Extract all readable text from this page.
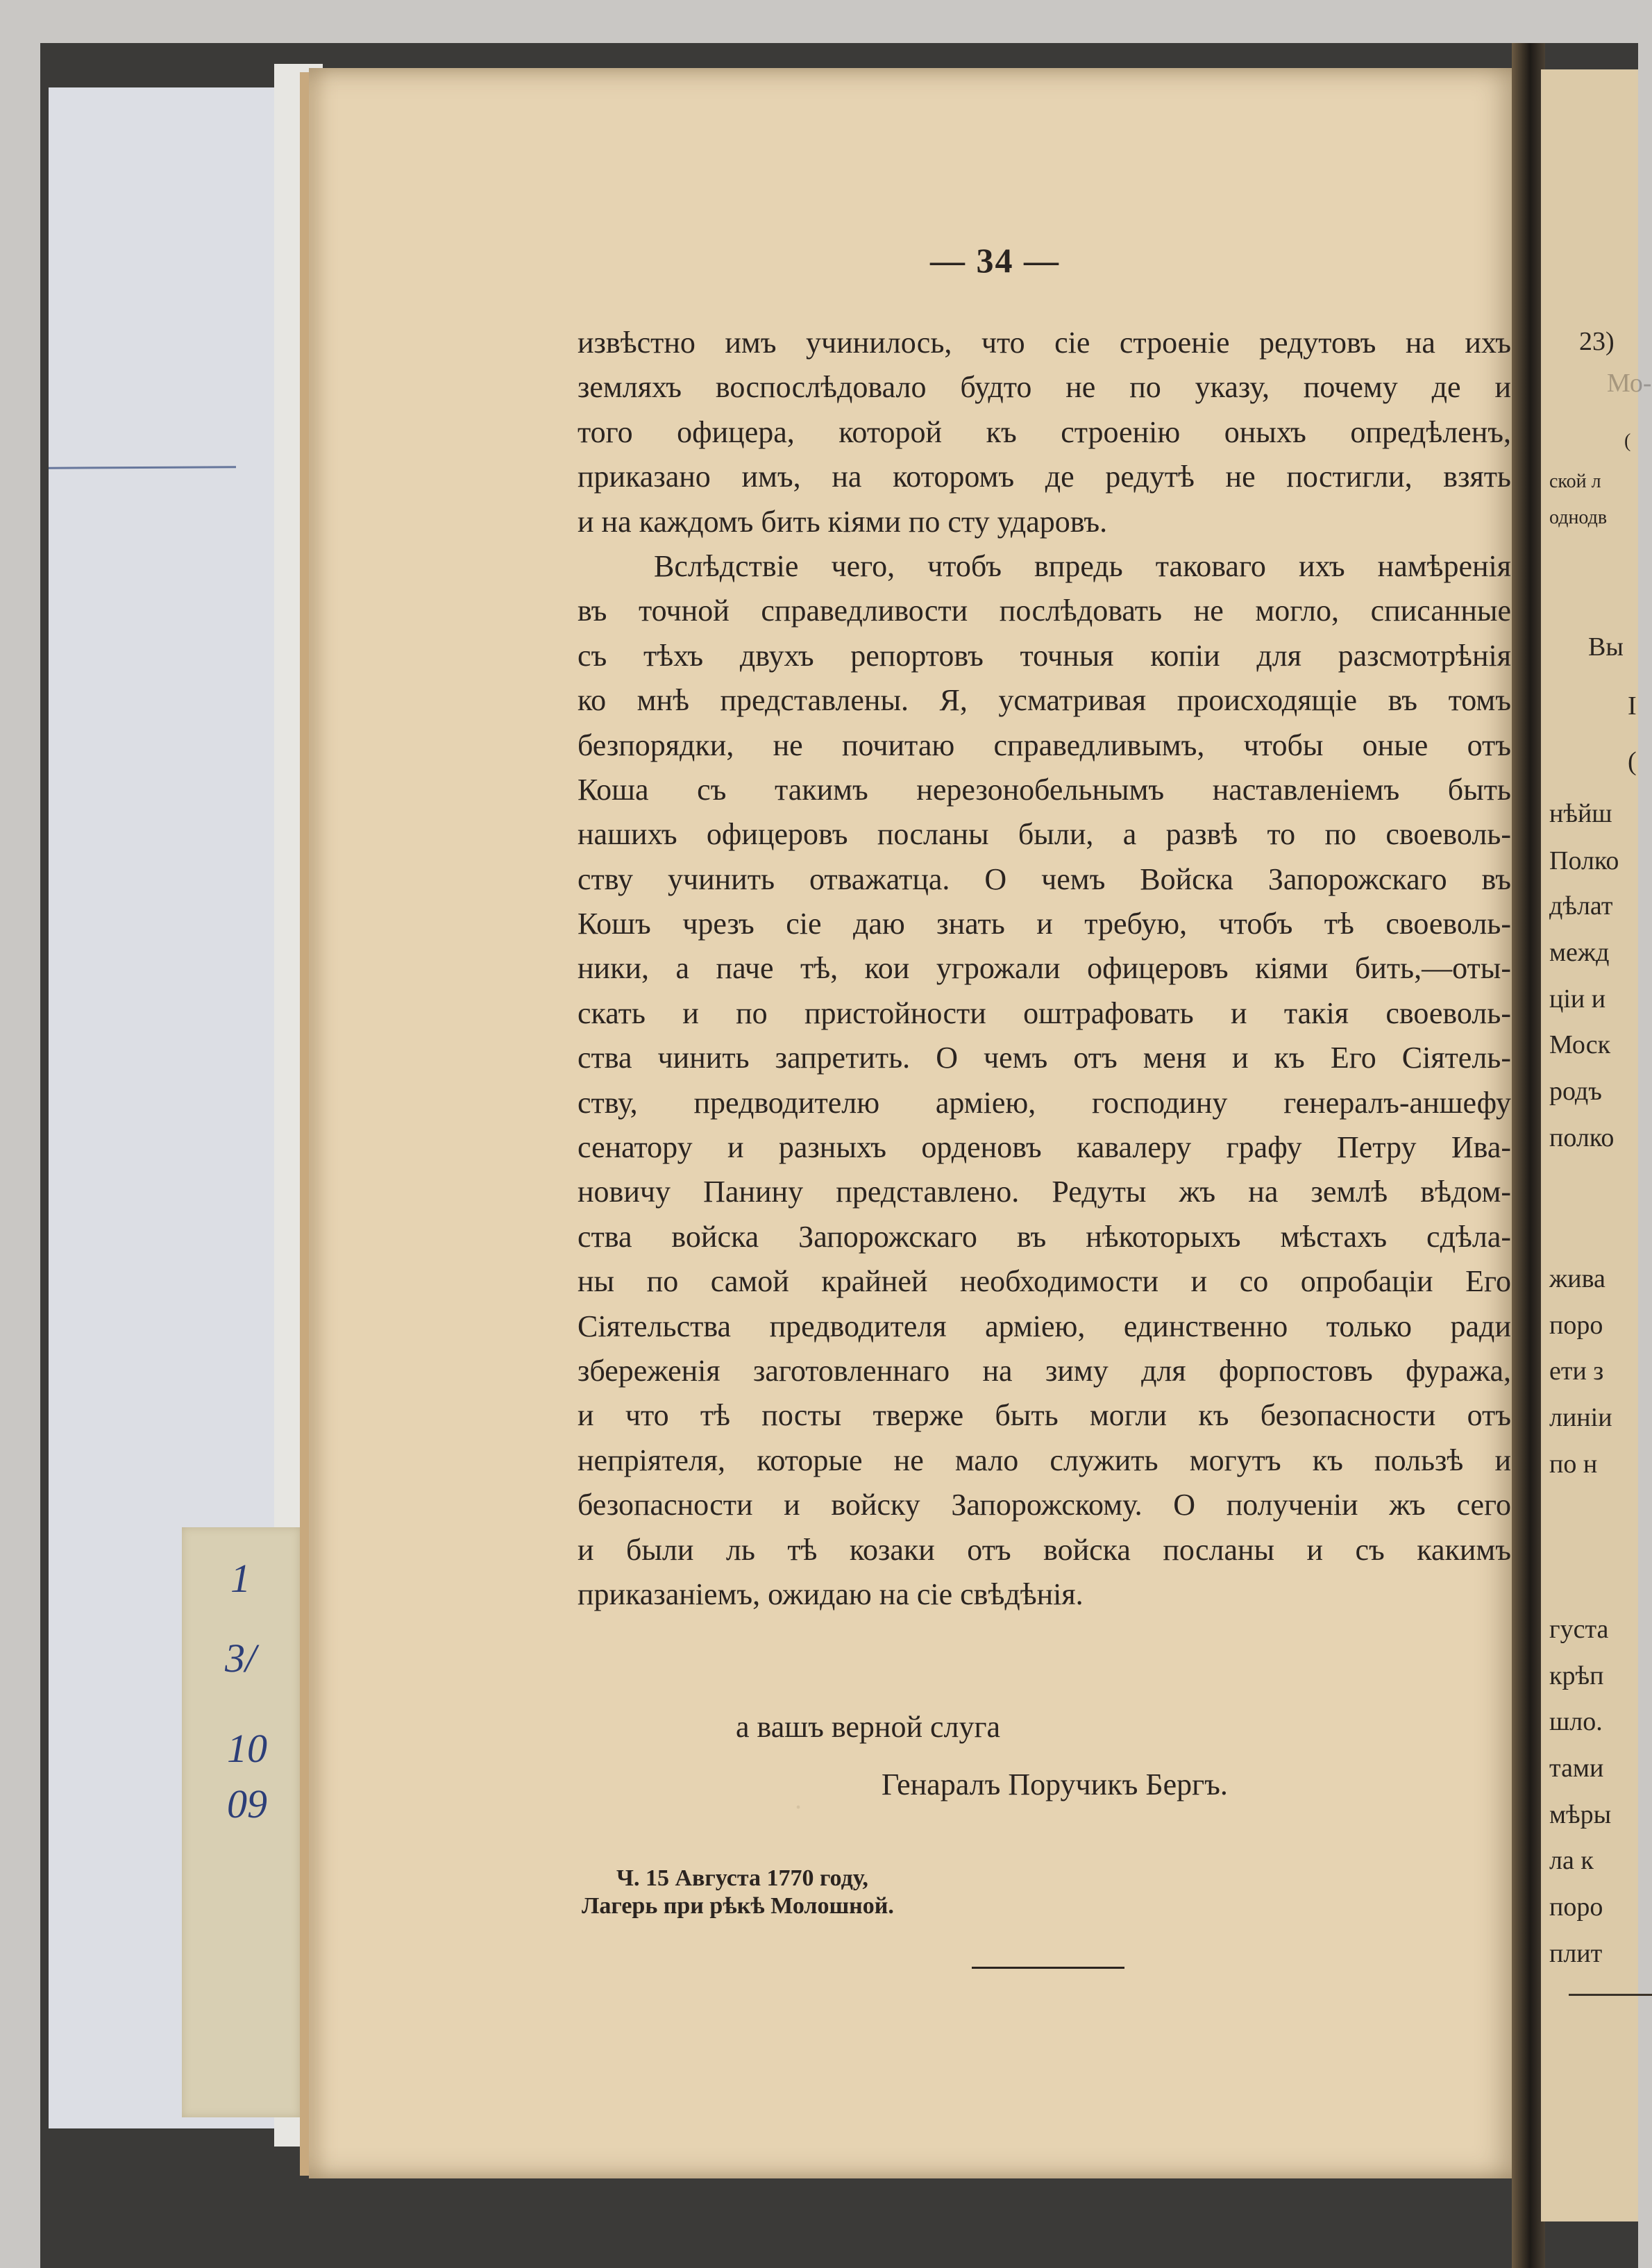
1
3/
10
09	.
— 34 —
извѣстно имъ учинилось, что сіе строеніе редутовъ на ихъ
земляхъ воспослѣдовало будто не по указу, почему де и
того офицера, которой къ строенію оныхъ опредѣленъ,
приказано имъ, на которомъ де редутѣ не постигли, взять
и на каждомъ бить кіями по сту ударовъ.
Вслѣдствіе чего, чтобъ впредь таковаго ихъ намѣренія
въ точной справедливости послѣдовать не могло, списанные
съ тѣхъ двухъ репортовъ точныя копіи для разсмотрѣнія
ко мнѣ представлены. Я, усматривая происходящіе въ томъ
безпорядки, не почитаю справедливымъ, чтобы оные отъ
Коша съ такимъ нерезонобельнымъ наставленіемъ быть
нашихъ офицеровъ посланы были, а развѣ то по своеволь-
ству учинить отважатца. О чемъ Войска Запорожскаго въ
Кошъ чрезъ сіе даю знать и требую, чтобъ тѣ своеволь-
ники, а паче тѣ, кои угрожали офицеровъ кіями бить,—оты-
скать и по пристойности оштрафовать и такія своеволь-
ства чинить запретить. О чемъ отъ меня и къ Его Сіятель-
ству, предводителю арміею, господину генералъ-аншефу
сенатору и разныхъ орденовъ кавалеру графу Петру Ива-
новичу Панину представлено. Редуты жъ на землѣ вѣдом-
ства войска Запорожскаго въ нѣкоторыхъ мѣстахъ сдѣла-
ны по самой крайней необходимости и со опробаціи Его
Сіятельства предводителя арміею, единственно только ради
збереженія заготовленнаго на зиму для форпостовъ фуража,
и что тѣ посты тверже быть могли къ безопасности отъ
непріятеля, которые не мало служить могутъ къ пользѣ и
безопасности и войску Запорожскому. О полученіи жъ сего
и были ль тѣ козаки отъ войска посланы и съ какимъ
приказаніемъ, ожидаю на сіе свѣдѣнія.
а вашъ верной слуга
Генаралъ Поручикъ Бергъ.
Ч. 15 Августа 1770 году,
Лагерь при рѣкѣ Молошной.
23)
Мо-
(
ской л
однодв
Вы
I
(
нѣйш
Полко
дѣлат
межд
ціи и
Моск
родъ
полко
жива
поро
ети з
линіи
по н
густа
крѣп
шло.
тами
мѣры
ла к
поро
плит
